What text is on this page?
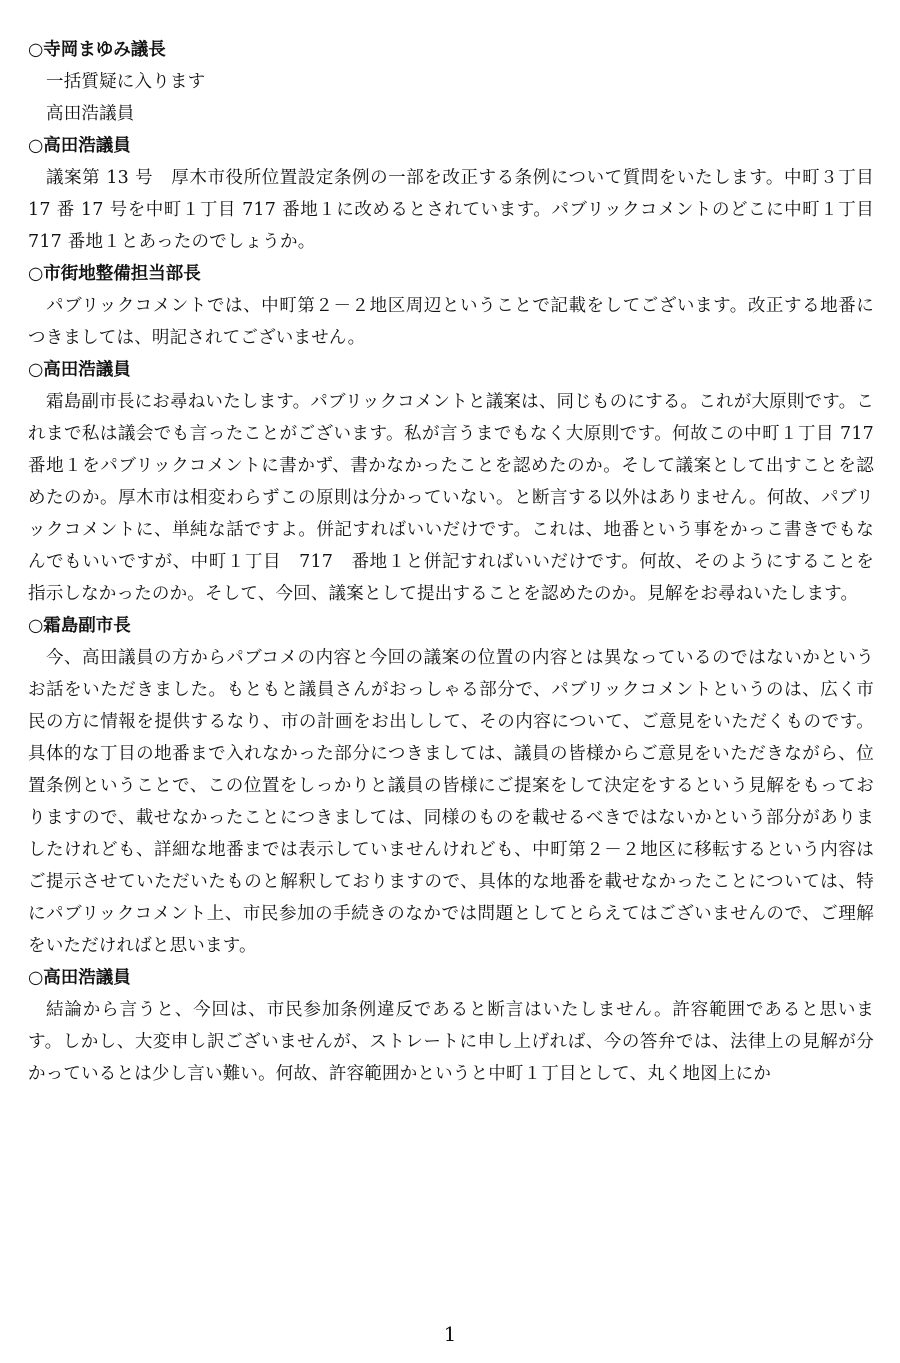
○寺岡まゆみ議長

一括質疑に入ります

高田浩議員

○高田浩議員

議案第 13 号　厚木市役所位置設定条例の一部を改正する条例について質問をいたします。中町３丁目 17 番 17 号を中町１丁目 717 番地１に改めるとされています。パブリックコメントのどこに中町１丁目 717 番地１とあったのでしょうか。

○市街地整備担当部長

パブリックコメントでは、中町第２－２地区周辺ということで記載をしてございます。改正する地番につきましては、明記されてございません。

○高田浩議員

霜島副市長にお尋ねいたします。パブリックコメントと議案は、同じものにする。これが大原則です。これまで私は議会でも言ったことがございます。私が言うまでもなく大原則です。何故この中町１丁目 717 番地１をパブリックコメントに書かず、書かなかったことを認めたのか。そして議案として出すことを認めたのか。厚木市は相変わらずこの原則は分かっていない。と断言する以外はありません。何故、パブリックコメントに、単純な話ですよ。併記すればいいだけです。これは、地番という事をかっこ書きでもなんでもいいですが、中町１丁目　717　番地１と併記すればいいだけです。何故、そのようにすることを指示しなかったのか。そして、今回、議案として提出することを認めたのか。見解をお尋ねいたします。

○霜島副市長

今、高田議員の方からパブコメの内容と今回の議案の位置の内容とは異なっているのではないかというお話をいただきました。もともと議員さんがおっしゃる部分で、パブリックコメントというのは、広く市民の方に情報を提供するなり、市の計画をお出しして、その内容について、ご意見をいただくものです。具体的な丁目の地番まで入れなかった部分につきましては、議員の皆様からご意見をいただきながら、位置条例ということで、この位置をしっかりと議員の皆様にご提案をして決定をするという見解をもっておりますので、載せなかったことにつきましては、同様のものを載せるべきではないかという部分がありましたけれども、詳細な地番までは表示していませんけれども、中町第２－２地区に移転するという内容はご提示させていただいたものと解釈しておりますので、具体的な地番を載せなかったことについては、特にパブリックコメント上、市民参加の手続きのなかでは問題としてとらえてはございませんので、ご理解をいただければと思います。

○高田浩議員

結論から言うと、今回は、市民参加条例違反であると断言はいたしません。許容範囲であると思います。しかし、大変申し訳ございませんが、ストレートに申し上げれば、今の答弁では、法律上の見解が分かっているとは少し言い難い。何故、許容範囲かというと中町１丁目として、丸く地図上にか

1
